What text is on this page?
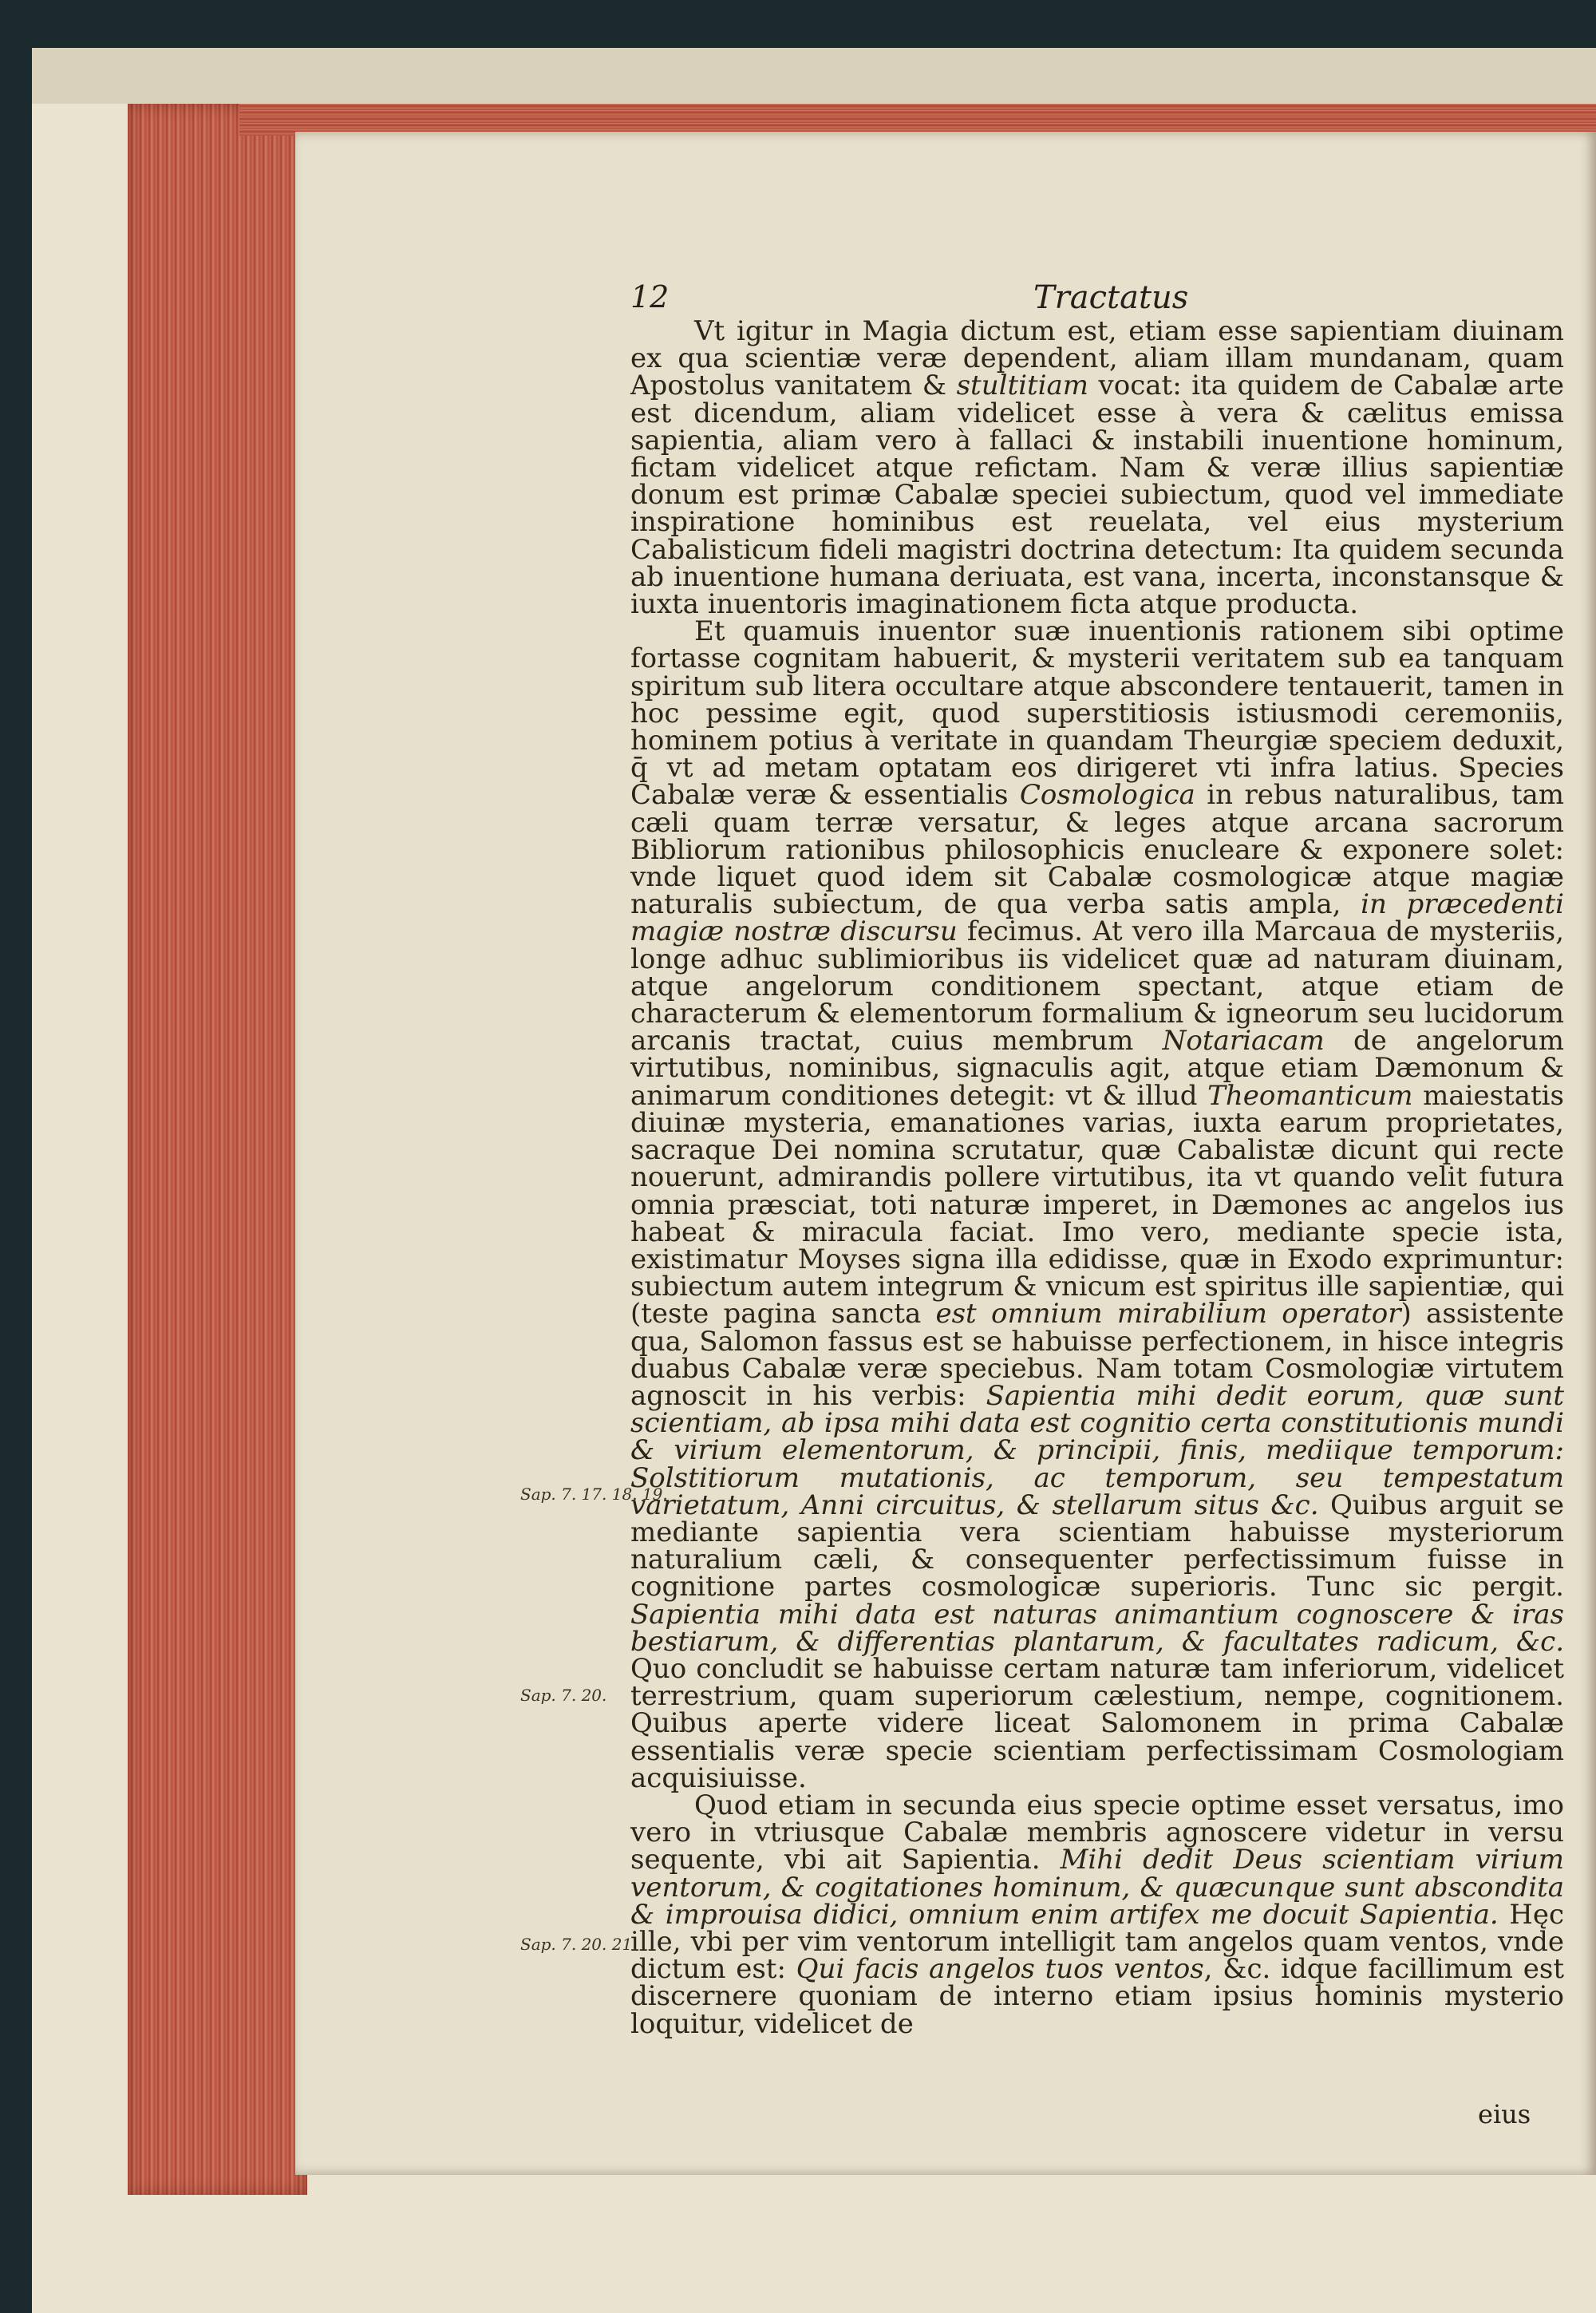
12	Tractatus

Vt igitur in Magia dictum est, etiam esse sapientiam diuinam ex qua scientiæ veræ dependent, aliam illam mundanam, quam Apostolus vanitatem & stultitiam vocat: ita quidem de Cabalæ arte est dicendum, aliam videlicet esse à vera & cælitus emissa sapientia, aliam vero à fallaci & instabili inuentione hominum, fictam videlicet atque refictam. Nam & veræ illius sapientiæ donum est primæ Cabalæ speciei subiectum, quod vel immediate inspiratione hominibus est reuelata, vel eius mysterium Cabalisticum fideli magistri doctrina detectum: Ita quidem secunda ab inuentione humana deriuata, est vana, incerta, inconstansque & iuxta inuentoris imaginationem ficta atque producta.

Et quamuis inuentor suæ inuentionis rationem sibi optime fortasse cognitam habuerit, & mysterii veritatem sub ea tanquam spiritum sub litera occultare atque abscondere tentauerit, tamen in hoc pessime egit, quod superstitiosis istiusmodi ceremoniis, hominem potius à veritate in quandam Theurgiæ speciem deduxit, q̄ vt ad metam optatam eos dirigeret vti infra latius. Species Cabalæ veræ & essentialis Cosmologica in rebus naturalibus, tam cæli quam terræ versatur, & leges atque arcana sacrorum Bibliorum rationibus philosophicis enucleare & exponere solet: vnde liquet quod idem sit Cabalæ cosmologicæ atque magiæ naturalis subiectum, de qua verba satis ampla, in præcedenti magiæ nostræ discursu fecimus. At vero illa Marcaua de mysteriis, longe adhuc sublimioribus iis videlicet quæ ad naturam diuinam, atque angelorum conditionem spectant, atque etiam de characterum & elementorum formalium & igneorum seu lucidorum arcanis tractat, cuius membrum Notariacam de angelorum virtutibus, nominibus, signaculis agit, atque etiam Dæmonum & animarum conditiones detegit: vt & illud Theomanticum maiestatis diuinæ mysteria, emanationes varias, iuxta earum proprietates, sacraque Dei nomina scrutatur, quæ Cabalistæ dicunt qui recte nouerunt, admirandis pollere virtutibus, ita vt quando velit futura omnia præsciat, toti naturæ imperet, in Dæmones ac angelos ius habeat & miracula faciat. Imo vero, mediante specie ista, existimatur Moyses signa illa edidisse, quæ in Exodo exprimuntur: subiectum autem integrum & vnicum est spiritus ille sapientiæ, qui (teste pagina sancta est omnium mirabilium operator) assistente qua, Salomon fassus est se habuisse perfectionem, in hisce integris duabus Cabalæ veræ speciebus. Nam totam Cosmologiæ virtutem agnoscit in his verbis: Sapientia mihi dedit eorum, quæ sunt scientiam, ab ipsa mihi data est cognitio certa constitutionis mundi & virium elementorum, & principii, finis, mediique temporum: Solstitiorum mutationis, ac temporum, seu tempestatum varietatum, Anni circuitus, & stellarum situs &c. Quibus arguit se mediante sapientia vera scientiam habuisse mysteriorum naturalium cæli, & consequenter perfectissimum fuisse in cognitione partes cosmologicæ superioris. Tunc sic pergit. Sapientia mihi data est naturas animantium cognoscere & iras bestiarum, & differentias plantarum, & facultates radicum, &c. Quo concludit se habuisse certam naturæ tam inferiorum, videlicet terrestrium, quam superiorum cælestium, nempe, cognitionem. Quibus aperte videre liceat Salomonem in prima Cabalæ essentialis veræ specie scientiam perfectissimam Cosmologiam acquisiuisse.

Quod etiam in secunda eius specie optime esset versatus, imo vero in vtriusque Cabalæ membris agnoscere videtur in versu sequente, vbi ait Sapientia. Mihi dedit Deus scientiam virium ventorum, & cogitationes hominum, & quæcunque sunt absconditа & improuisa didici, omnium enim artifex me docuit Sapientia. Hęc ille, vbi per vim ventorum intelligit tam angelos quam ventos, vnde dictum est: Qui facis angelos tuos ventos, &c. idque facillimum est discernere quoniam de interno etiam ipsius hominis mysterio loquitur, videlicet de

Sap. 7. 17. 18. 19.
Sap. 7. 20.
Sap. 7. 20. 21.
eius
